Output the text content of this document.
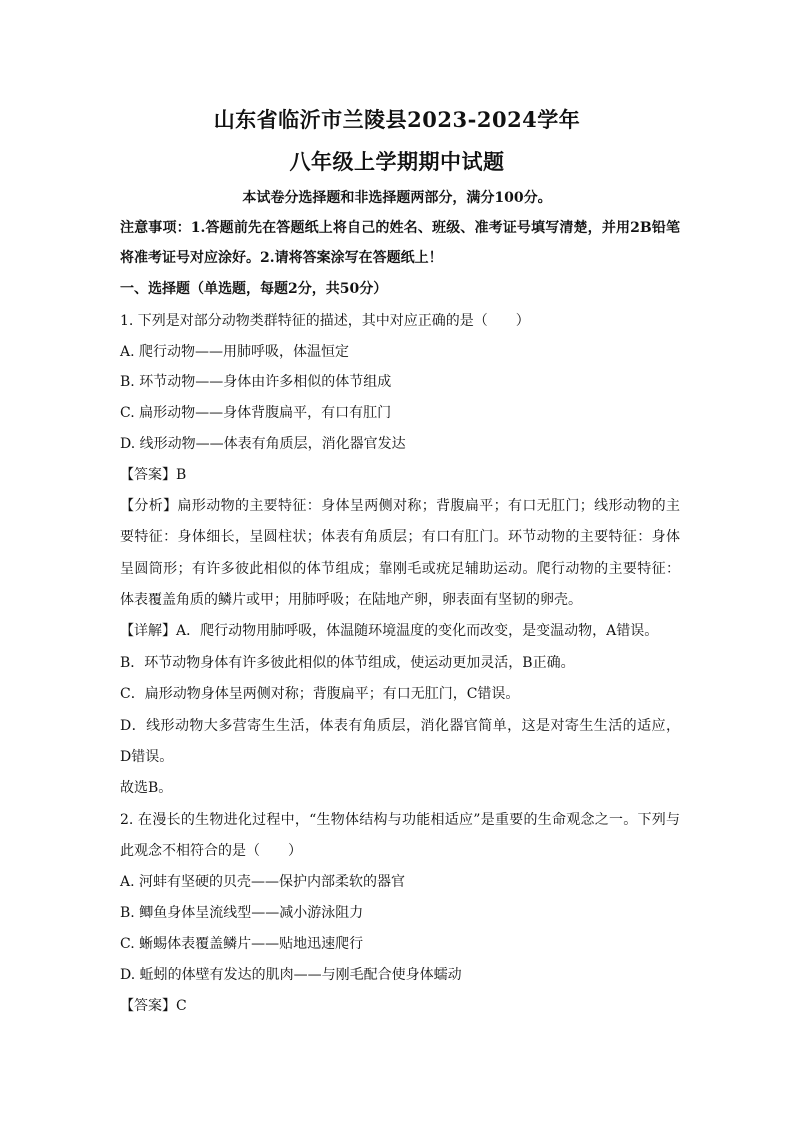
山东省临沂市兰陵县2023-2024学年
八年级上学期期中试题
本试卷分选择题和非选择题两部分，满分100分。
注意事项：1.答题前先在答题纸上将自己的姓名、班级、准考证号填写清楚，并用2B铅笔
将准考证号对应涂好。2.请将答案涂写在答题纸上！
一、选择题（单选题，每题2分，共50分）
1. 下列是对部分动物类群特征的描述，其中对应正确的是（　　）
A. 爬行动物——用肺呼吸，体温恒定
B. 环节动物——身体由许多相似的体节组成
C. 扁形动物——身体背腹扁平，有口有肛门
D. 线形动物——体表有角质层，消化器官发达
【答案】B
【分析】扁形动物的主要特征：身体呈两侧对称；背腹扁平；有口无肛门；线形动物的主
要特征：身体细长，呈圆柱状；体表有角质层；有口有肛门。环节动物的主要特征：身体
呈圆筒形；有许多彼此相似的体节组成；靠刚毛或疣足辅助运动。爬行动物的主要特征：
体表覆盖角质的鳞片或甲；用肺呼吸；在陆地产卵，卵表面有坚韧的卵壳。
【详解】A．爬行动物用肺呼吸，体温随环境温度的变化而改变，是变温动物，A错误。
B．环节动物身体有许多彼此相似的体节组成，使运动更加灵活，B正确。
C．扁形动物身体呈两侧对称；背腹扁平；有口无肛门，C错误。
D．线形动物大多营寄生生活，体表有角质层，消化器官简单，这是对寄生生活的适应，
D错误。
故选B。
2. 在漫长的生物进化过程中，“生物体结构与功能相适应”是重要的生命观念之一。下列与
此观念不相符合的是（　　）
A. 河蚌有坚硬的贝壳——保护内部柔软的器官
B. 鲫鱼身体呈流线型——减小游泳阻力
C. 蜥蜴体表覆盖鳞片——贴地迅速爬行
D. 蚯蚓的体壁有发达的肌肉——与刚毛配合使身体蠕动
【答案】C
